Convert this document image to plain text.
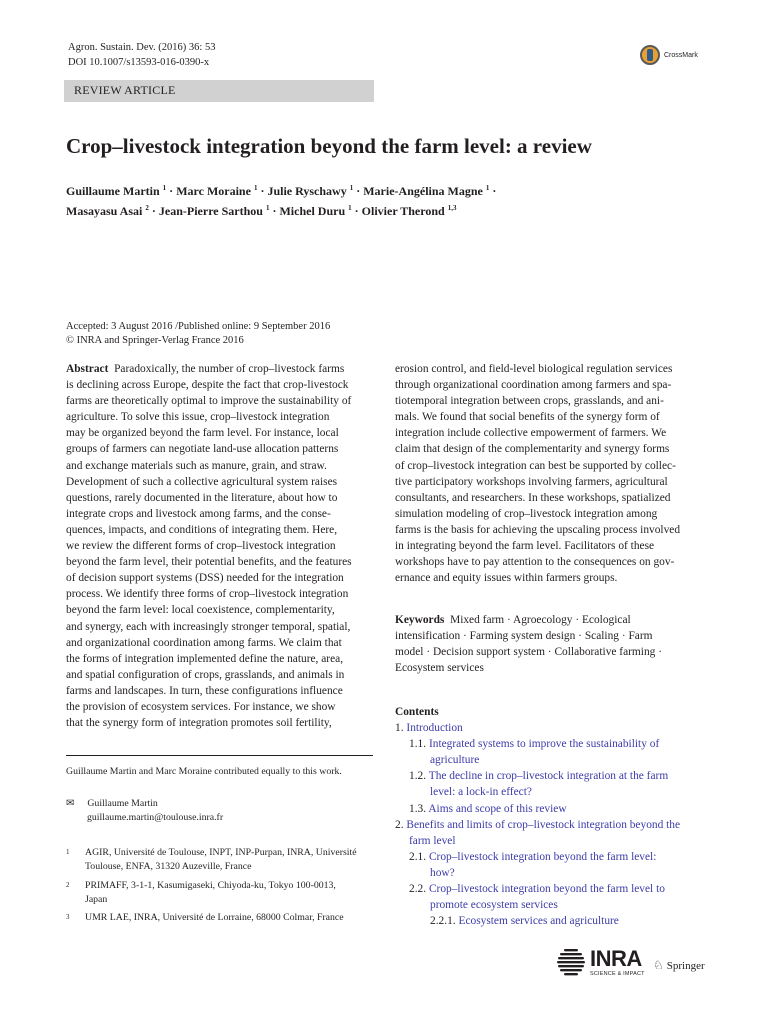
Agron. Sustain. Dev. (2016) 36: 53
DOI 10.1007/s13593-016-0390-x
CrossMark
REVIEW ARTICLE
Crop–livestock integration beyond the farm level: a review
Guillaume Martin $^1$ · Marc Moraine $^1$ · Julie Ryschawy $^1$ · Marie-Angélina Magne $^1$ ·
Masayasu Asai $^2$ · Jean-Pierre Sarthou $^1$ · Michel Duru $^1$ · Olivier Therond $^{1,3}$
Accepted: 3 August 2016 /Published online: 9 September 2016
© INRA and Springer-Verlag France 2016
Abstract Paradoxically, the number of crop–livestock farms
is declining across Europe, despite the fact that crop-livestock
farms are theoretically optimal to improve the sustainability of
agriculture. To solve this issue, crop–livestock integration
may be organized beyond the farm level. For instance, local
groups of farmers can negotiate land-use allocation patterns
and exchange materials such as manure, grain, and straw.
Development of such a collective agricultural system raises
questions, rarely documented in the literature, about how to
integrate crops and livestock among farms, and the conse-
quences, impacts, and conditions of integrating them. Here,
we review the different forms of crop–livestock integration
beyond the farm level, their potential benefits, and the features
of decision support systems (DSS) needed for the integration
process. We identify three forms of crop–livestock integration
beyond the farm level: local coexistence, complementarity,
and synergy, each with increasingly stronger temporal, spatial,
and organizational coordination among farms. We claim that
the forms of integration implemented define the nature, area,
and spatial configuration of crops, grasslands, and animals in
farms and landscapes. In turn, these configurations influence
the provision of ecosystem services. For instance, we show
that the synergy form of integration promotes soil fertility,
erosion control, and field-level biological regulation services
through organizational coordination among farmers and spa-
tiotemporal integration between crops, grasslands, and ani-
mals. We found that social benefits of the synergy form of
integration include collective empowerment of farmers. We
claim that design of the complementarity and synergy forms
of crop–livestock integration can best be supported by collec-
tive participatory workshops involving farmers, agricultural
consultants, and researchers. In these workshops, spatialized
simulation modeling of crop–livestock integration among
farms is the basis for achieving the upscaling process involved
in integrating beyond the farm level. Facilitators of these
workshops have to pay attention to the consequences on gov-
ernance and equity issues within farmers groups.
Keywords Mixed farm · Agroecology · Ecological
intensification · Farming system design · Scaling · Farm
model · Decision support system · Collaborative farming ·
Ecosystem services
Contents
1. Introduction
1.1. Integrated systems to improve the sustainability of
agriculture
1.2. The decline in crop–livestock integration at the farm
level: a lock-in effect?
1.3. Aims and scope of this review
2. Benefits and limits of crop–livestock integration beyond the
farm level
2.1. Crop–livestock integration beyond the farm level:
how?
2.2. Crop–livestock integration beyond the farm level to
promote ecosystem services
2.2.1. Ecosystem services and agriculture
Guillaume Martin and Marc Moraine contributed equally to this work.
✉ Guillaume Martin
guillaume.martin@toulouse.inra.fr
1 AGIR, Université de Toulouse, INPT, INP-Purpan, INRA, Université
Toulouse, ENFA, 31320 Auzeville, France
2 PRIMAFF, 3-1-1, Kasumigaseki, Chiyoda-ku, Tokyo 100-0013,
Japan
3 UMR LAE, INRA, Université de Lorraine, 68000 Colmar, France
INRA
SCIENCE & IMPACT
♘ Springer
